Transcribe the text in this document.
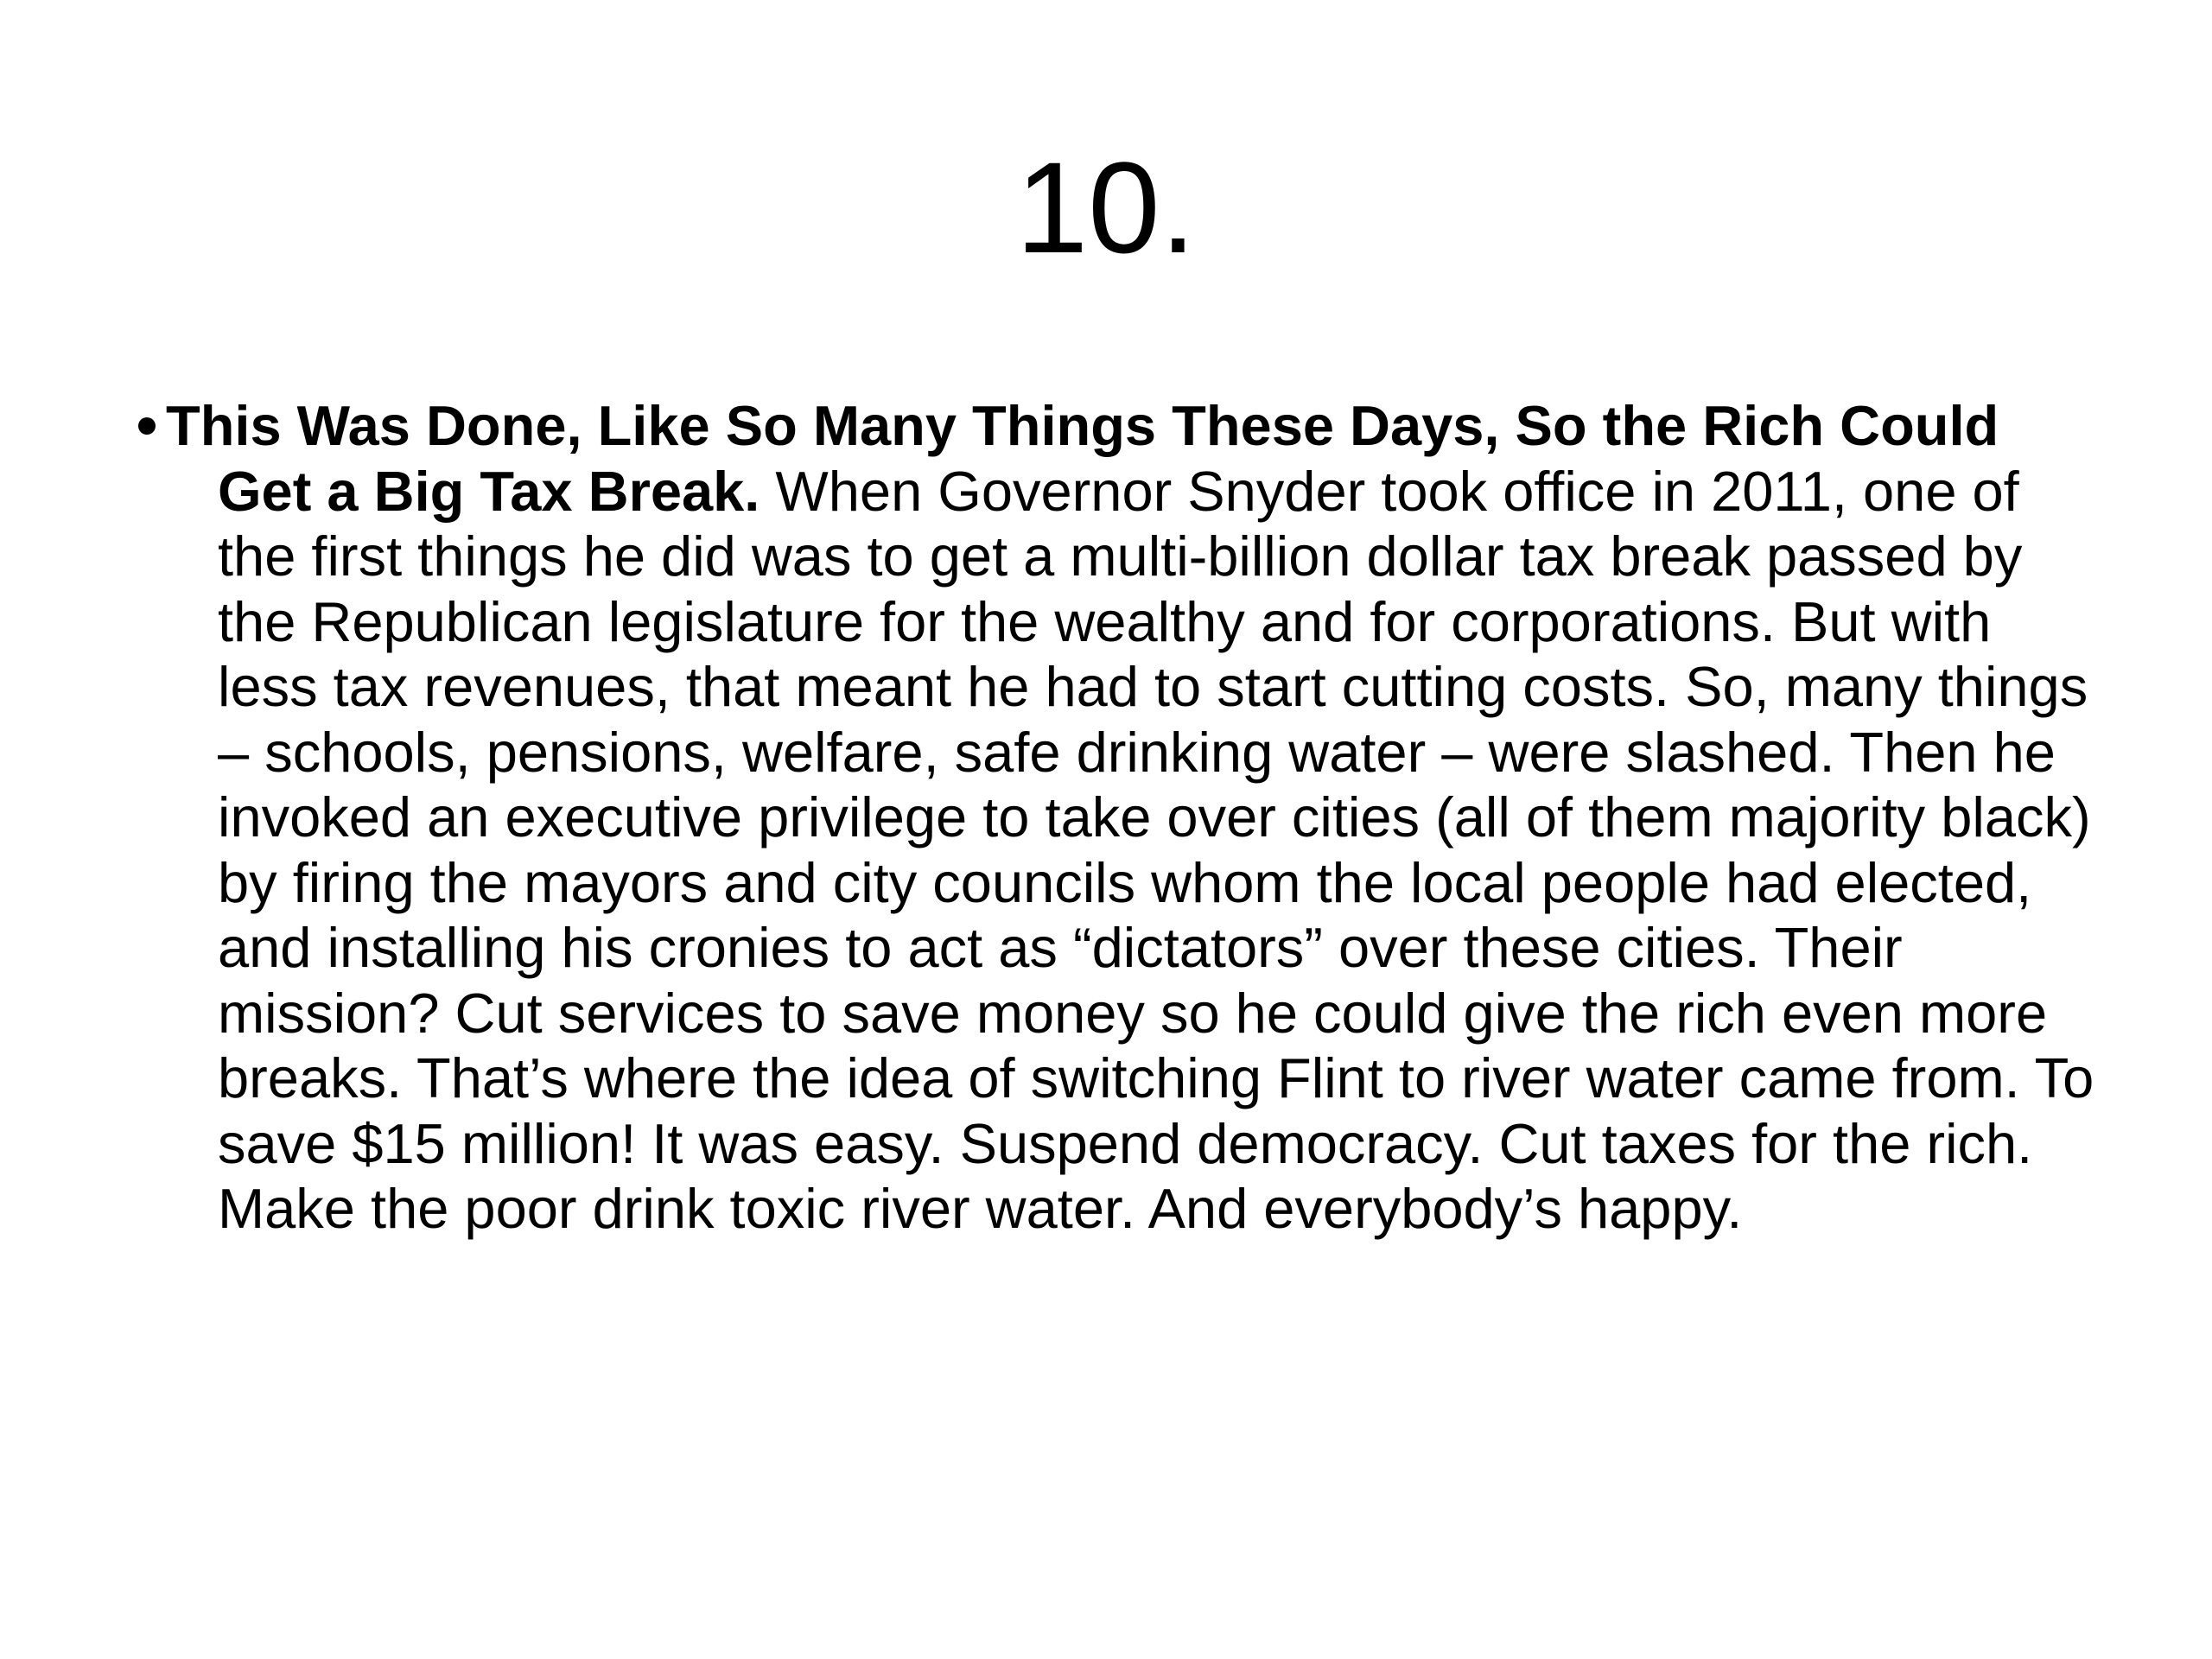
10.

This Was Done, Like So Many Things These Days, So the Rich Could Get a Big Tax Break. When Governor Snyder took office in 2011, one of the first things he did was to get a multi-billion dollar tax break passed by the Republican legislature for the wealthy and for corporations. But with less tax revenues, that meant he had to start cutting costs. So, many things – schools, pensions, welfare, safe drinking water – were slashed. Then he invoked an executive privilege to take over cities (all of them majority black) by firing the mayors and city councils whom the local people had elected, and installing his cronies to act as “dictators” over these cities. Their mission? Cut services to save money so he could give the rich even more breaks. That’s where the idea of switching Flint to river water came from. To save $15 million! It was easy. Suspend democracy. Cut taxes for the rich. Make the poor drink toxic river water. And everybody’s happy.
